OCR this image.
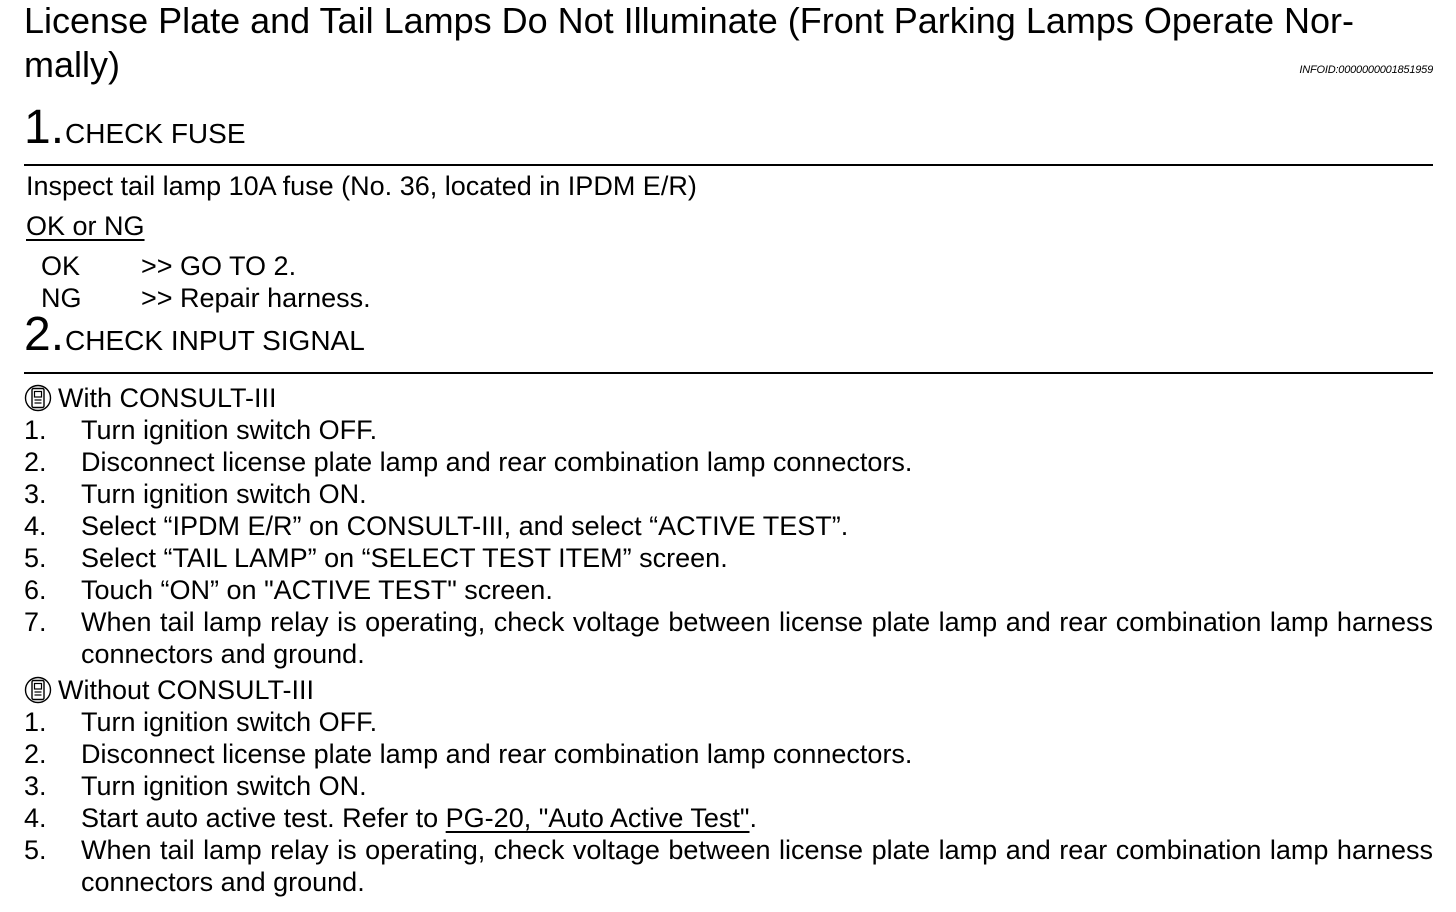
License Plate and Tail Lamps Do Not Illuminate (Front Parking Lamps Operate Nor-
mally)	INFOID:0000000001851959
1.CHECK FUSE
Inspect tail lamp 10A fuse (No. 36, located in IPDM E/R)
OK or NG
OK >> GO TO 2.
NG >> Repair harness.
2.CHECK INPUT SIGNAL
With CONSULT-III
1. Turn ignition switch OFF.
2. Disconnect license plate lamp and rear combination lamp connectors.
3. Turn ignition switch ON.
4. Select “IPDM E/R” on CONSULT-III, and select “ACTIVE TEST”.
5. Select “TAIL LAMP” on “SELECT TEST ITEM” screen.
6. Touch “ON” on "ACTIVE TEST" screen.
7. When tail lamp relay is operating, check voltage between license plate lamp and rear combination lamp harness connectors and ground.
Without CONSULT-III
1. Turn ignition switch OFF.
2. Disconnect license plate lamp and rear combination lamp connectors.
3. Turn ignition switch ON.
4. Start auto active test. Refer to PG-20, "Auto Active Test".
5. When tail lamp relay is operating, check voltage between license plate lamp and rear combination lamp harness connectors and ground.
